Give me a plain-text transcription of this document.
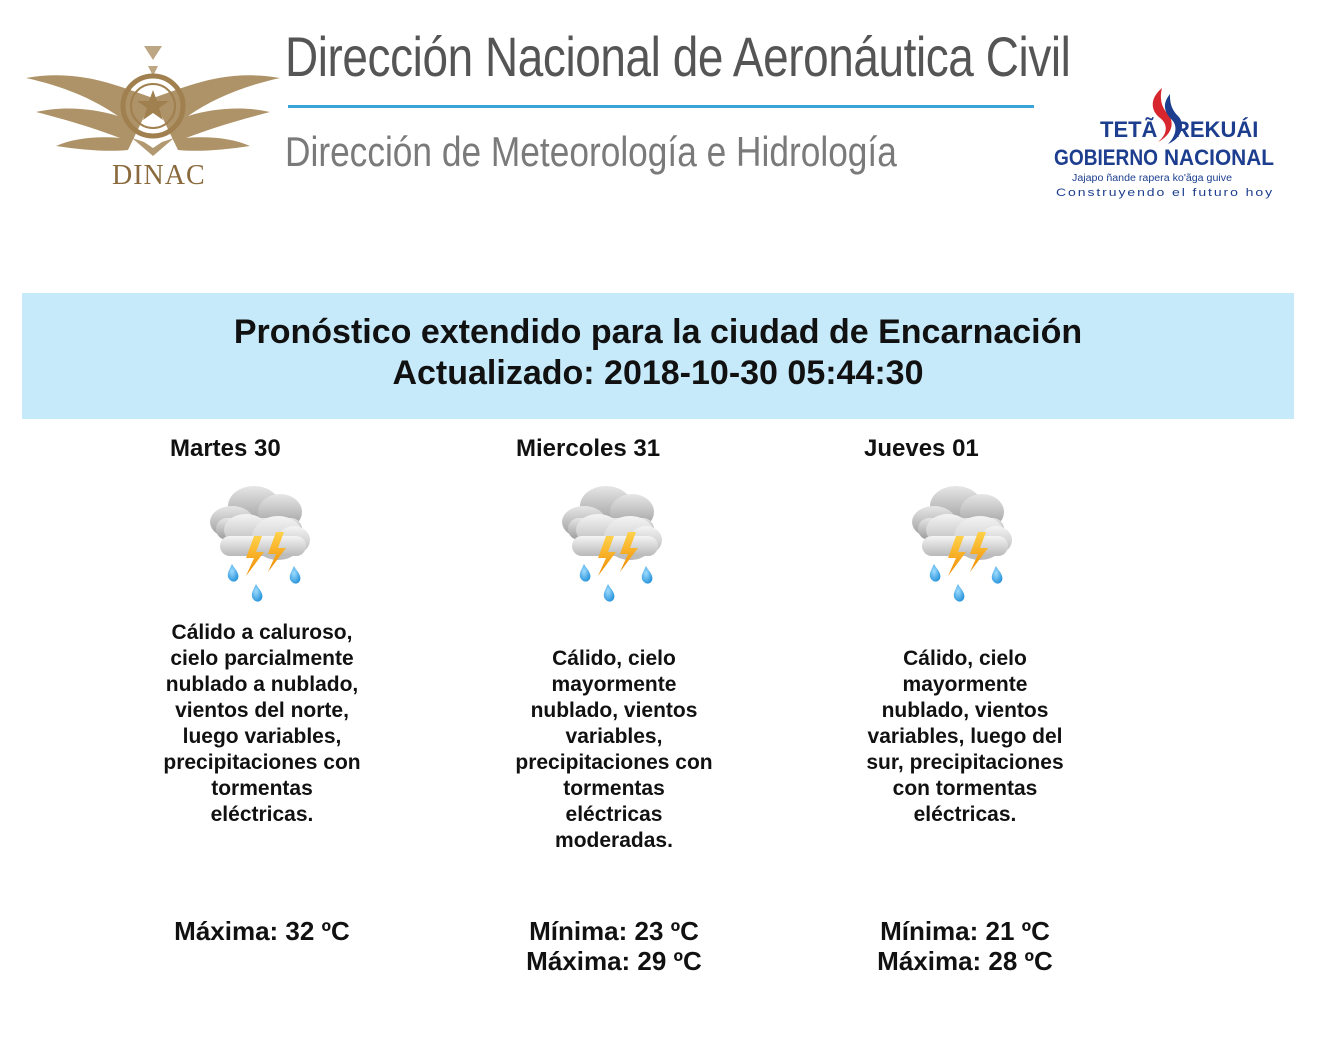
DINAC
Dirección Nacional de Aeronáutica Civil
Dirección de Meteorología e Hidrología	TETÃ REKUÁI
GOBIERNO NACIONAL
Jajapo ñande rapera ko'ãga guive
Construyendo el futuro hoy
Pronóstico extendido para la ciudad de Encarnación
Actualizado: 2018-10-30 05:44:30
Martes 30
Cálido a caluroso, cielo parcialmente nublado a nublado, vientos del norte, luego variables, precipitaciones con tormentas eléctricas.
Máxima: 32 ºC
Miercoles 31
Cálido, cielo mayormente nublado, vientos variables, precipitaciones con tormentas eléctricas moderadas.
Mínima: 23 ºC
Máxima: 29 ºC
Jueves 01
Cálido, cielo mayormente nublado, vientos variables, luego del sur, precipitaciones con tormentas eléctricas.
Mínima: 21 ºC
Máxima: 28 ºC
